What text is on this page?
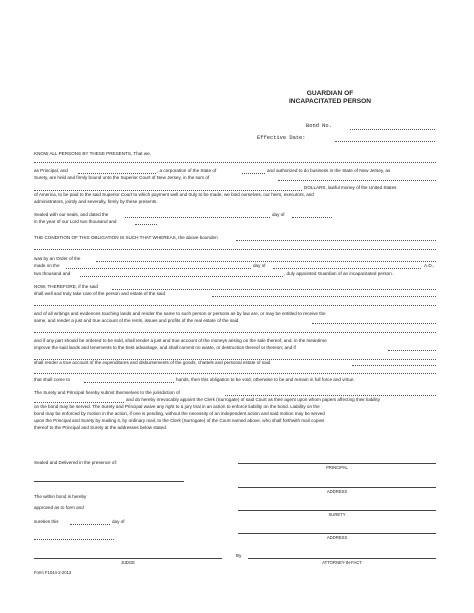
GUARDIAN OF
INCAPACITATED PERSON
Bond No.
Effective Date:
KNOW ALL PERSONS BY THESE PRESENTS, That we,
as Principal, and	, a corporation of the State of	and authorized to do business in the State of New Jersey, as
Surety, are held and firmly bound unto the Superior Court of New Jersey, in the sum of
DOLLARS, lawful money of the United States
of America, to be paid to the said Superior Court to which payment well and truly to be made, we bind ourselves, our heirs, executors, and
administrators, jointly and severally, firmly by these presents.
Sealed with our seals, and dated the	day of
in the year of our Lord two thousand and
THE CONDITION OF THIS OBLIGATION IS SUCH THAT WHEREAS, the above bounden
was by an Order of the
made on the	day of	A.D.,
two thousand and	, duly appointed Guardian of an incapacitated person.
NOW, THEREFORE, if the said
shall well and truly take care of the person and estate of the said
and of all writings and evidences touching lands and render the same to such person or persons as by law are, or may be entitled to receive the
same, and render a just and true account of the rents, issues and profits of the real estate of the said
and if any part should be ordered to be sold, shall render a just and true account of the moneys arising on the sale thereof, and, in the meantime
improve the said lands and tenements to the best advantage, and shall commit no waste, or destruction thereof or thereon; and if
shall render a true account of the expenditures and disbursements of the goods, chattels and personal estate of said
that shall come to	hands, then this obligation to be void, otherwise to be and remain in full force and virtue.
The Surety and Principal hereby submit themselves to the jurisdiction of
and do hereby irrevocably appoint the Clerk (Surrogate) of said Court as their agent upon whom papers affecting their liability
on the bond may be served. The Surety and Principal waive any right to a jury trial in an action to enforce liability on the bond. Liability on the
bond may be enforced by motion in the action, if one is pending, without the necessity of an independent action and said motion may be served
upon the Principal and Surety by mailing it, by ordinary mail, to the Clerk (Surrogate) of the Court named above, who shall forthwith mail copies
thereof to the Principal and Surety at the addresses below stated.
Sealed and Delivered in the presence of:
PRINCIPAL
ADDRESS
The within bond is hereby
approved as to form and
SURETY
sureties this	day of
ADDRESS
JUDGE
By
ATTORNEY-IN-FACT
Form F1044-2-2013
